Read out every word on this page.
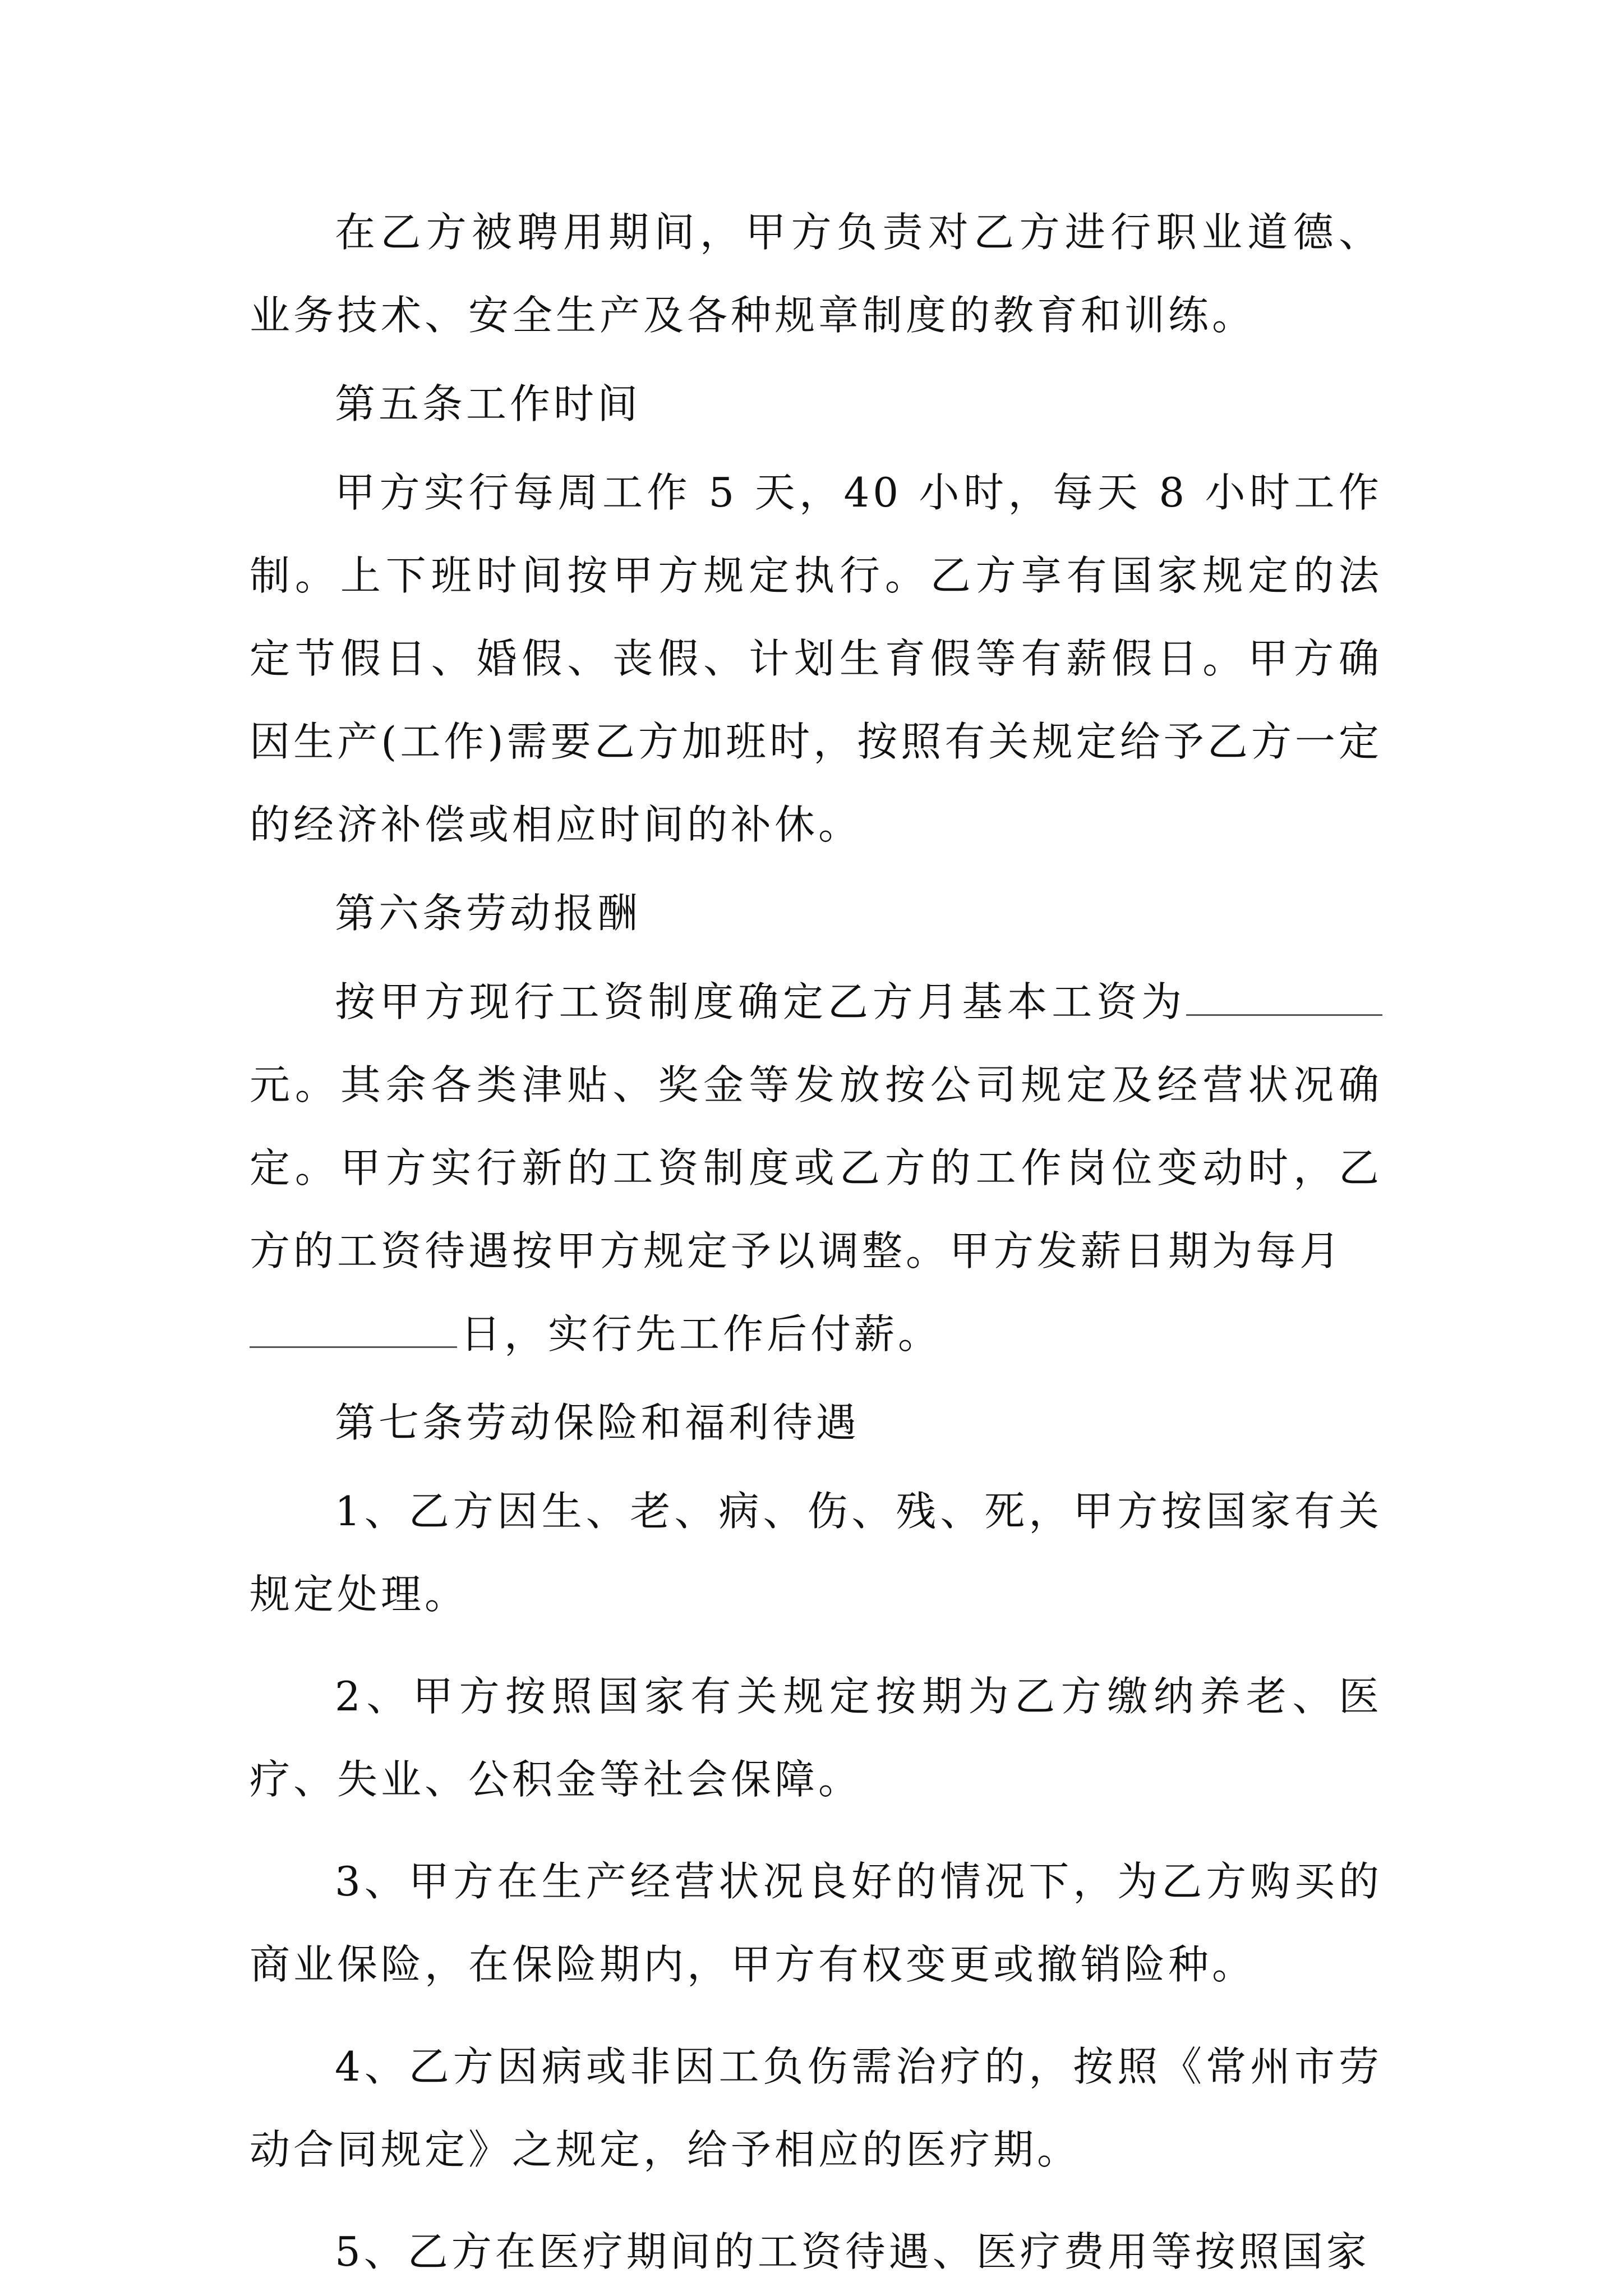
在乙方被聘用期间，甲方负责对乙方进行职业道德、业务技术、安全生产及各种规章制度的教育和训练。

第五条工作时间

甲方实行每周工作 5 天，40 小时，每天 8 小时工作制。上下班时间按甲方规定执行。乙方享有国家规定的法定节假日、婚假、丧假、计划生育假等有薪假日。甲方确因生产(工作)需要乙方加班时，按照有关规定给予乙方一定的经济补偿或相应时间的补休。

第六条劳动报酬

按甲方现行工资制度确定乙方月基本工资为元。其余各类津贴、奖金等发放按公司规定及经营状况确定。甲方实行新的工资制度或乙方的工作岗位变动时，乙方的工资待遇按甲方规定予以调整。甲方发薪日期为每月
日，实行先工作后付薪。

第七条劳动保险和福利待遇

1、乙方因生、老、病、伤、残、死，甲方按国家有关规定处理。

2、甲方按照国家有关规定按期为乙方缴纳养老、医疗、失业、公积金等社会保障。

3、甲方在生产经营状况良好的情况下，为乙方购买的商业保险，在保险期内，甲方有权变更或撤销险种。

4、乙方因病或非因工负伤需治疗的，按照《常州市劳动合同规定》之规定，给予相应的医疗期。

5、乙方在医疗期间的工资待遇、医疗费用等按照国家
